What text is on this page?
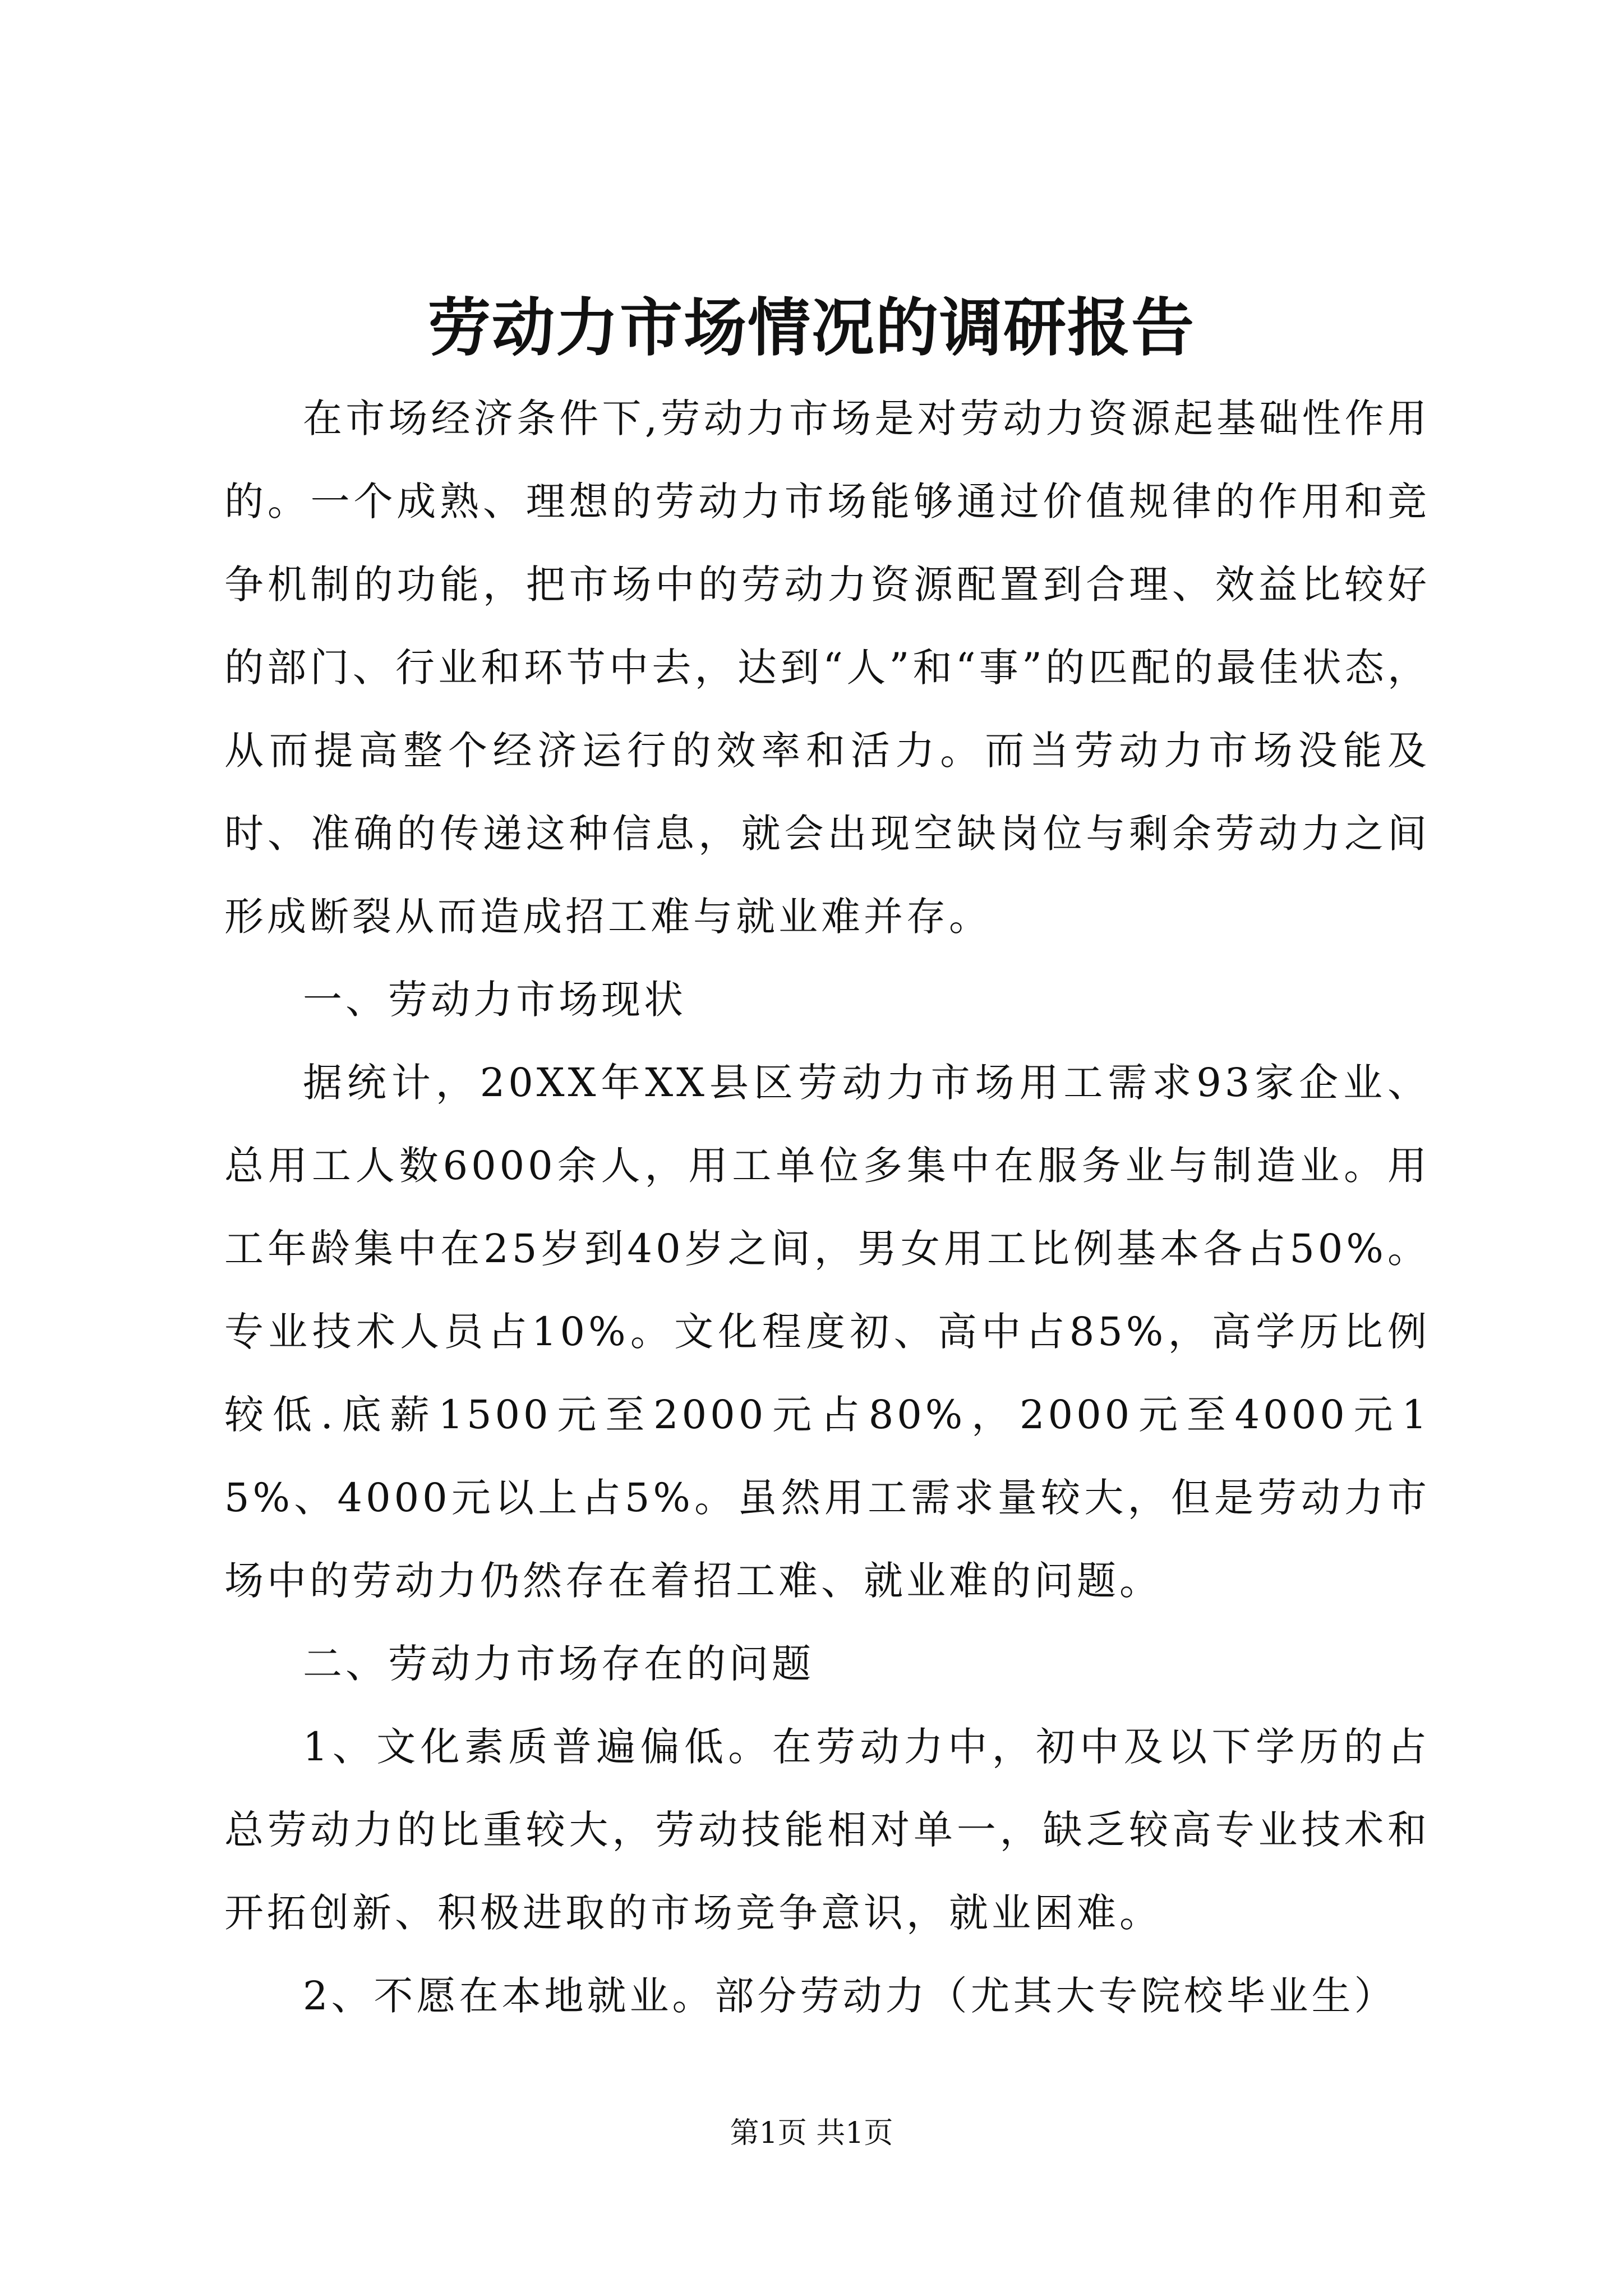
劳动力市场情况的调研报告

在市场经济条件下,劳动力市场是对劳动力资源起基础性作用的。一个成熟、理想的劳动力市场能够通过价值规律的作用和竞争机制的功能，把市场中的劳动力资源配置到合理、效益比较好的部门、行业和环节中去，达到“人”和“事”的匹配的最佳状态，从而提高整个经济运行的效率和活力。而当劳动力市场没能及时、准确的传递这种信息，就会出现空缺岗位与剩余劳动力之间形成断裂从而造成招工难与就业难并存。

一、劳动力市场现状

据统计，20XX年XX县区劳动力市场用工需求93家企业、总用工人数6000余人，用工单位多集中在服务业与制造业。用工年龄集中在25岁到40岁之间，男女用工比例基本各占50%。专业技术人员占10%。文化程度初、高中占85%，高学历比例较低.底薪1500元至2000元占80%，2000元至4000元15%、4000元以上占5%。虽然用工需求量较大，但是劳动力市场中的劳动力仍然存在着招工难、就业难的问题。

二、劳动力市场存在的问题

1、文化素质普遍偏低。在劳动力中，初中及以下学历的占总劳动力的比重较大，劳动技能相对单一，缺乏较高专业技术和开拓创新、积极进取的市场竞争意识，就业困难。

2、不愿在本地就业。部分劳动力（尤其大专院校毕业生）

第1页 共1页
